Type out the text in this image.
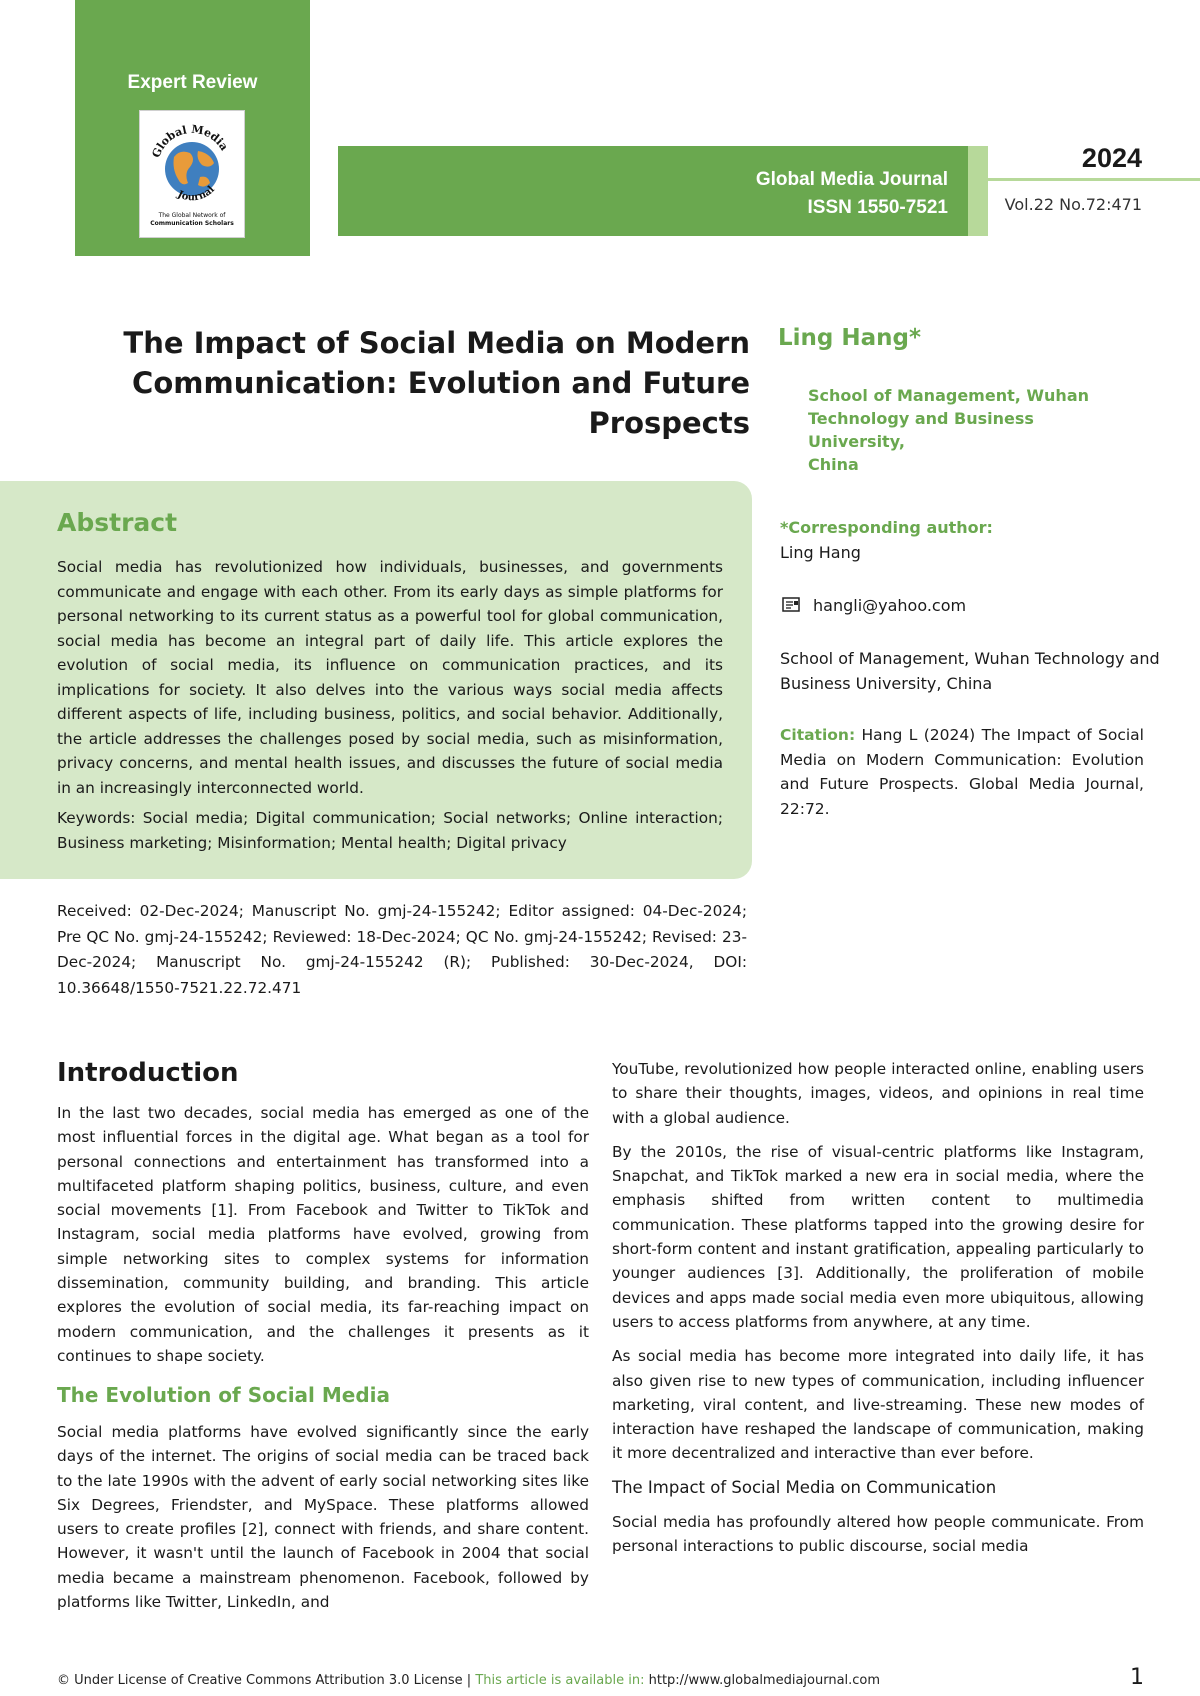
Expert Review
Global Media
Journal
The Global Network of
Communication Scholars
Global Media Journal
ISSN 1550-7521
2024
Vol.22 No.72:471
The Impact of Social Media on Modern
Communication: Evolution and Future
Prospects
Ling Hang*
School of Management, Wuhan
Technology and Business University,
China
Abstract
Social media has revolutionized how individuals, businesses, and governments communicate and engage with each other. From its early days as simple platforms for personal networking to its current status as a powerful tool for global communication, social media has become an integral part of daily life. This article explores the evolution of social media, its influence on communication practices, and its implications for society. It also delves into the various ways social media affects different aspects of life, including business, politics, and social behavior. Additionally, the article addresses the challenges posed by social media, such as misinformation, privacy concerns, and mental health issues, and discusses the future of social media in an increasingly interconnected world.
Keywords: Social media; Digital communication; Social networks; Online interaction; Business marketing; Misinformation; Mental health; Digital privacy
Received: 02-Dec-2024; Manuscript No. gmj-24-155242; Editor assigned: 04-Dec-2024; Pre QC No. gmj-24-155242; Reviewed: 18-Dec-2024; QC No. gmj-24-155242; Revised: 23-Dec-2024; Manuscript No. gmj-24-155242 (R); Published: 30-Dec-2024, DOI: 10.36648/1550-7521.22.72.471
*Corresponding author:
Ling Hang
hangli@yahoo.com
School of Management, Wuhan Technology and Business University, China
Citation: Hang L (2024) The Impact of Social Media on Modern Communication: Evolution and Future Prospects. Global Media Journal, 22:72.
Introduction
In the last two decades, social media has emerged as one of the most influential forces in the digital age. What began as a tool for personal connections and entertainment has transformed into a multifaceted platform shaping politics, business, culture, and even social movements [1]. From Facebook and Twitter to TikTok and Instagram, social media platforms have evolved, growing from simple networking sites to complex systems for information dissemination, community building, and branding. This article explores the evolution of social media, its far-reaching impact on modern communication, and the challenges it presents as it continues to shape society.
The Evolution of Social Media
Social media platforms have evolved significantly since the early days of the internet. The origins of social media can be traced back to the late 1990s with the advent of early social networking sites like Six Degrees, Friendster, and MySpace. These platforms allowed users to create profiles [2], connect with friends, and share content. However, it wasn't until the launch of Facebook in 2004 that social media became a mainstream phenomenon. Facebook, followed by platforms like Twitter, LinkedIn, and

YouTube, revolutionized how people interacted online, enabling users to share their thoughts, images, videos, and opinions in real time with a global audience.

By the 2010s, the rise of visual-centric platforms like Instagram, Snapchat, and TikTok marked a new era in social media, where the emphasis shifted from written content to multimedia communication. These platforms tapped into the growing desire for short-form content and instant gratification, appealing particularly to younger audiences [3]. Additionally, the proliferation of mobile devices and apps made social media even more ubiquitous, allowing users to access platforms from anywhere, at any time.

As social media has become more integrated into daily life, it has also given rise to new types of communication, including influencer marketing, viral content, and live-streaming. These new modes of interaction have reshaped the landscape of communication, making it more decentralized and interactive than ever before.

The Impact of Social Media on Communication

Social media has profoundly altered how people communicate. From personal interactions to public discourse, social media

© Under License of Creative Commons Attribution 3.0 License | This article is available in: http://www.globalmediajournal.com	1
